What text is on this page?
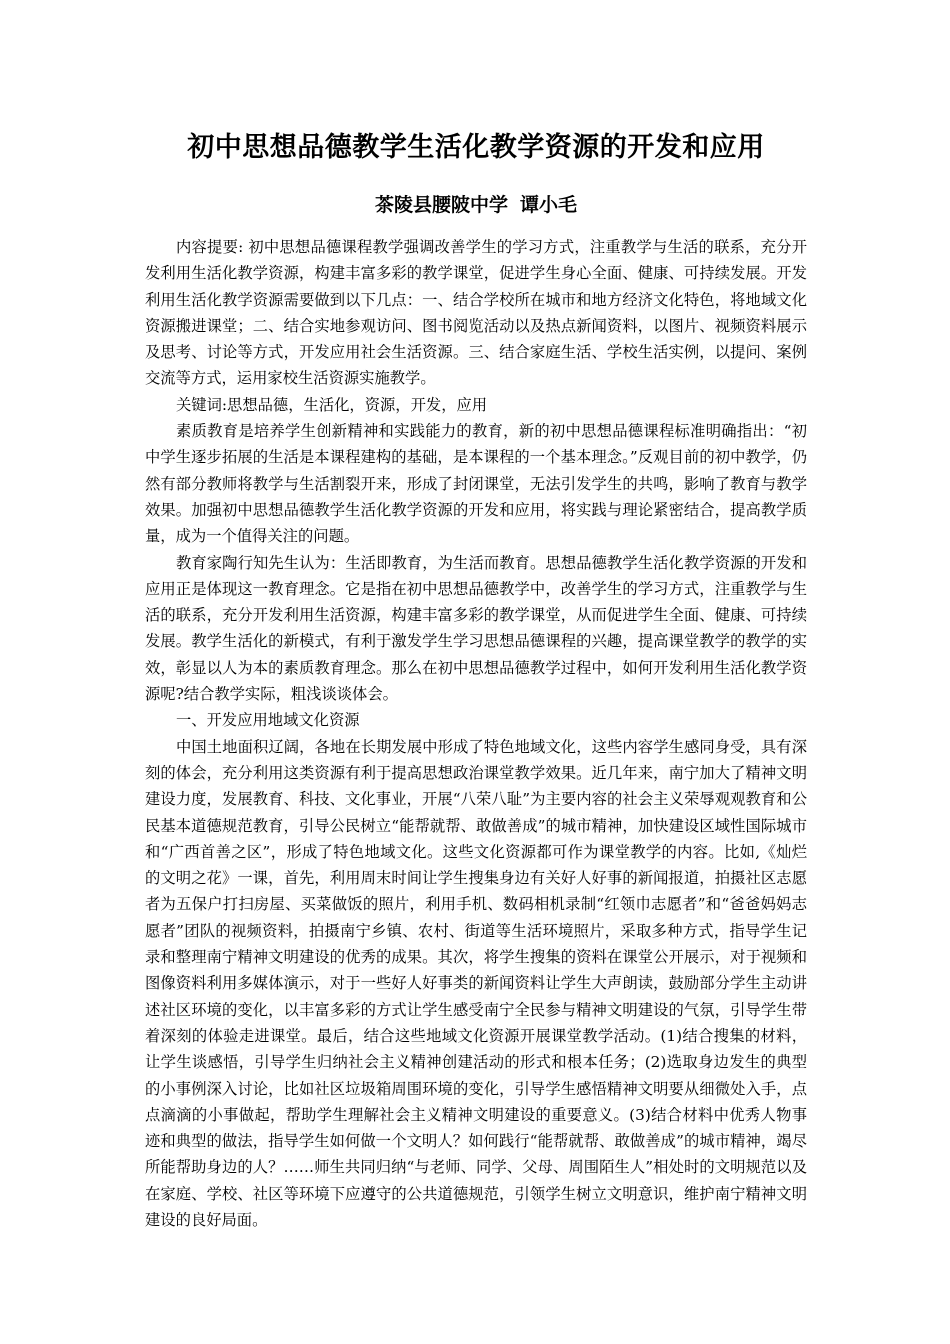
初中思想品德教学生活化教学资源的开发和应用
茶陵县腰陂中学 谭小毛

内容提要: 初中思想品德课程教学强调改善学生的学习方式，注重教学与生活的联系，充分开发利用生活化教学资源，构建丰富多彩的教学课堂，促进学生身心全面、健康、可持续发展。开发利用生活化教学资源需要做到以下几点：一、结合学校所在城市和地方经济文化特色，将地域文化资源搬进课堂；二、结合实地参观访问、图书阅览活动以及热点新闻资料，以图片、视频资料展示及思考、讨论等方式，开发应用社会生活资源。三、结合家庭生活、学校生活实例，以提问、案例交流等方式，运用家校生活资源实施教学。

关键词:思想品德，生活化，资源，开发，应用

素质教育是培养学生创新精神和实践能力的教育，新的初中思想品德课程标准明确指出：“初中学生逐步拓展的生活是本课程建构的基础，是本课程的一个基本理念。”反观目前的初中教学，仍然有部分教师将教学与生活割裂开来，形成了封闭课堂，无法引发学生的共鸣，影响了教育与教学效果。加强初中思想品德教学生活化教学资源的开发和应用，将实践与理论紧密结合，提高教学质量，成为一个值得关注的问题。

教育家陶行知先生认为：生活即教育，为生活而教育。思想品德教学生活化教学资源的开发和应用正是体现这一教育理念。它是指在初中思想品德教学中，改善学生的学习方式，注重教学与生活的联系，充分开发利用生活资源，构建丰富多彩的教学课堂，从而促进学生全面、健康、可持续发展。教学生活化的新模式，有利于激发学生学习思想品德课程的兴趣，提高课堂教学的教学的实效，彰显以人为本的素质教育理念。那么在初中思想品德教学过程中，如何开发利用生活化教学资源呢?结合教学实际，粗浅谈谈体会。

一、开发应用地域文化资源

中国土地面积辽阔，各地在长期发展中形成了特色地域文化，这些内容学生感同身受，具有深刻的体会，充分利用这类资源有利于提高思想政治课堂教学效果。近几年来，南宁加大了精神文明建设力度，发展教育、科技、文化事业，开展“八荣八耻”为主要内容的社会主义荣辱观观教育和公民基本道德规范教育，引导公民树立“能帮就帮、敢做善成”的城市精神，加快建设区域性国际城市和“广西首善之区”，形成了特色地域文化。这些文化资源都可作为课堂教学的内容。比如,《灿烂的文明之花》一课，首先，利用周末时间让学生搜集身边有关好人好事的新闻报道，拍摄社区志愿者为五保户打扫房屋、买菜做饭的照片，利用手机、数码相机录制“红领巾志愿者”和“爸爸妈妈志愿者”团队的视频资料，拍摄南宁乡镇、农村、街道等生活环境照片，采取多种方式，指导学生记录和整理南宁精神文明建设的优秀的成果。其次，将学生搜集的资料在课堂公开展示，对于视频和图像资料利用多媒体演示，对于一些好人好事类的新闻资料让学生大声朗读，鼓励部分学生主动讲述社区环境的变化，以丰富多彩的方式让学生感受南宁全民参与精神文明建设的气氛，引导学生带着深刻的体验走进课堂。最后，结合这些地域文化资源开展课堂教学活动。(1)结合搜集的材料，让学生谈感悟，引导学生归纳社会主义精神创建活动的形式和根本任务；(2)选取身边发生的典型的小事例深入讨论，比如社区垃圾箱周围环境的变化，引导学生感悟精神文明要从细微处入手，点点滴滴的小事做起，帮助学生理解社会主义精神文明建设的重要意义。(3)结合材料中优秀人物事迹和典型的做法，指导学生如何做一个文明人？如何践行“能帮就帮、敢做善成”的城市精神，竭尽所能帮助身边的人？……师生共同归纳“与老师、同学、父母、周围陌生人”相处时的文明规范以及在家庭、学校、社区等环境下应遵守的公共道德规范，引领学生树立文明意识，维护南宁精神文明建设的良好局面。
